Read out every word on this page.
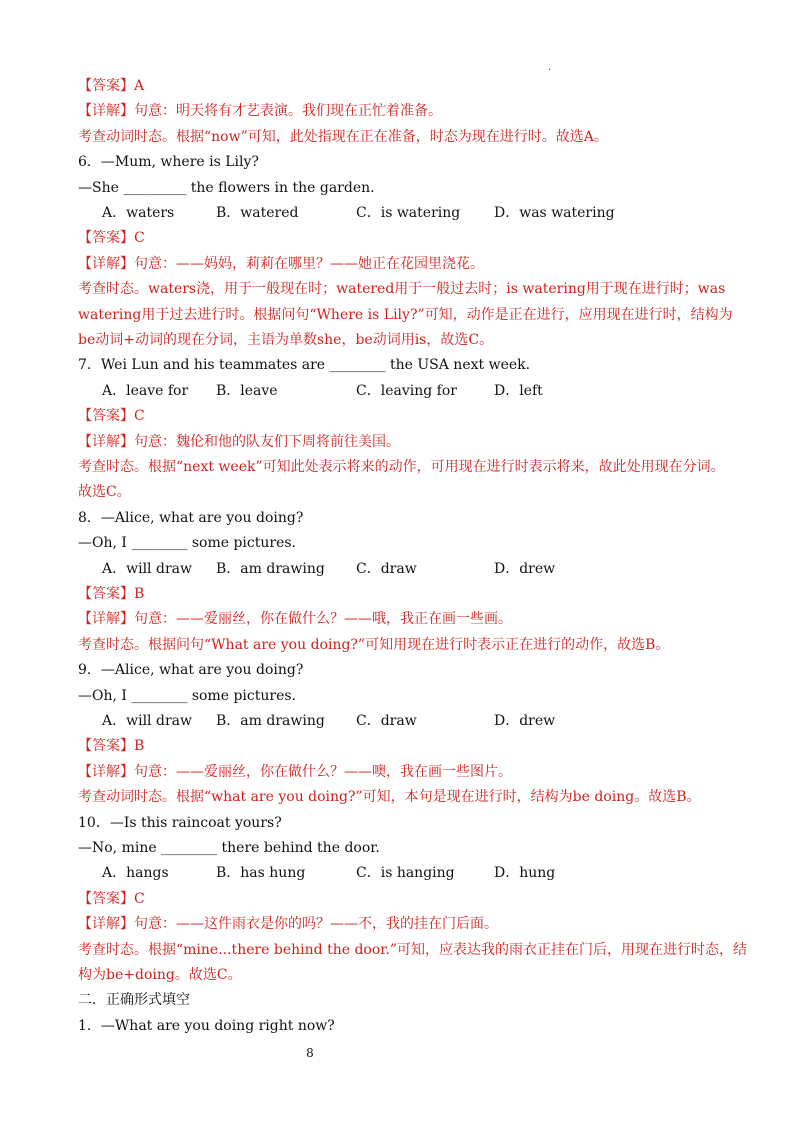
.
【答案】A
【详解】句意：明天将有才艺表演。我们现在正忙着准备。
考查动词时态。根据“now”可知，此处指现在正在准备，时态为现在进行时。故选A。
6．—Mum, where is Lily?
—She _________ the flowers in the garden.
A．waters	B．watered	C．is watering D．was watering
【答案】C
【详解】句意：——妈妈，莉莉在哪里？——她正在花园里浇花。
考查时态。waters浇，用于一般现在时；watered用于一般过去时；is watering用于现在进行时；was
watering用于过去进行时。根据问句“Where is Lily?”可知，动作是正在进行，应用现在进行时，结构为
be动词+动词的现在分词，主语为单数she，be动词用is，故选C。
7．Wei Lun and his teammates are ________ the USA next week.
A．leave for B．leave	C．leaving for	D．left
【答案】C
【详解】句意：魏伦和他的队友们下周将前往美国。
考查时态。根据“next week”可知此处表示将来的动作，可用现在进行时表示将来，故此处用现在分词。
故选C。
8．—Alice, what are you doing?
—Oh, I ________ some pictures.
A．will draw B．am drawing C．draw	D．drew
【答案】B
【详解】句意：——爱丽丝，你在做什么？——哦，我正在画一些画。
考查时态。根据问句“What are you doing?”可知用现在进行时表示正在进行的动作，故选B。
9．—Alice, what are you doing?
—Oh, I ________ some pictures.
A．will draw B．am drawing C．draw	D．drew
【答案】B
【详解】句意：——爱丽丝，你在做什么？——噢，我在画一些图片。
考查动词时态。根据“what are you doing?”可知，本句是现在进行时，结构为be doing。故选B。
10．—Is this raincoat yours?
—No, mine ________ there behind the door.
A．hangs	B．has hung	C．is hanging	D．hung
【答案】C
【详解】句意：——这件雨衣是你的吗？——不，我的挂在门后面。
考查时态。根据“mine...there behind the door.”可知，应表达我的雨衣正挂在门后，用现在进行时态，结
构为be+doing。故选C。
二．正确形式填空
1．—What are you doing right now?
8
